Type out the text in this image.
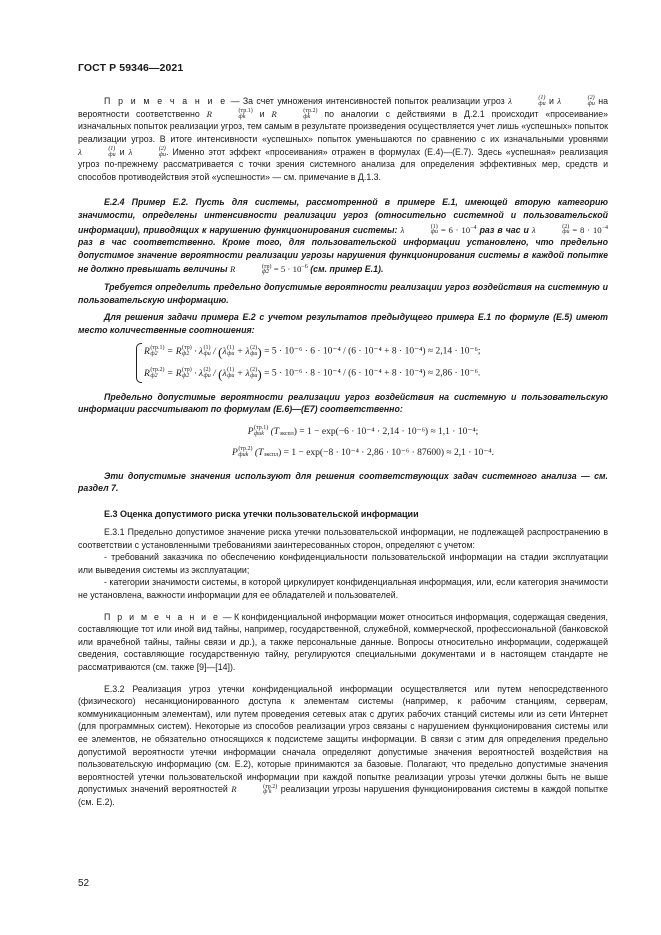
ГОСТ Р 59346—2021

П р и м е ч а н и е — За счет умножения интенсивностей попыток реализации угроз λ	(1)
фи и λ	(2)
фи на вероятности соответственно R	(тр.1)
фk и R	(тр.2)
фk по аналогии с действиями в Д.2.1 происходит «просеивание» изначальных попыток реализации угроз, тем самым в результате произведения осуществляется учет лишь «успешных» попыток реализации угроз. В итоге интенсивности «успешных» попыток уменьшаются по сравнению с их изначальными уровнями λ	(1)
фи и λ	(2)
фи . Именно этот эффект «просеивания» отражен в формулах (Е.4)—(Е.7). Здесь «успешная» реализация угроз по-прежнему рассматривается с точки зрения системного анализа для определения эффективных мер, средств и способов противодействия этой «успешности» — см. примечание в Д.1.3.

Е.2.4 Пример Е.2. Пусть для системы, рассмотренной в примере Е.1, имеющей вторую категорию значимости, определены интенсивности реализации угроз (относительно системной и пользовательской информации), приводящих к нарушению функционирования системы: λ	(1)
фи = $6 \cdot 10^{-4}$ раз в час и λ	(2)
фи = $8 \cdot 10^{-4}$ раз в час соответственно. Кроме того, для пользовательской информации установлено, что предельно допустимое значение вероятности реализации угрозы нарушения функционирования системы в каждой попытке не должно превышать величины R	(тр)
$ф2 = 5 \cdot 10^{-6}$ (см. пример Е.1).

Требуется определить предельно допустимые вероятности реализации угроз воздействия на системную и пользовательскую информацию.

Для решения задачи примера Е.2 с учетом результатов предыдущего примера Е.1 по формуле (Е.5) имеют место количественные соотношения:

R (тр.1)
ф2 = R (тр)
ф2 · λ (1)
фи / (λ (1)
фи + λ (2)
фи ) = 5 · 10⁻⁶ · 6 · 10⁻⁴ / (6 · 10⁻⁴ + 8 · 10⁻⁴) ≈ 2,14 · 10⁻⁶;
R (тр.2)
ф2 = R (тр)
ф2 · λ (2)
фи / (λ (1)
фи + λ (2)
фи ) = 5 · 10⁻⁶ · 8 · 10⁻⁴ / (6 · 10⁻⁴ + 8 · 10⁻⁴) ≈ 2,86 · 10⁻⁶.

Предельно допустимые вероятности реализации угроз воздействия на системную и пользовательскую информации рассчитывают по формулам (Е.6)—(Е7) соответственно:

P (тр.1)
фиk (T
экспл ) = 1 − exp(−6 · 10⁻⁴ · 2,14 · 10⁻⁶) ≈ 1,1 · 10⁻⁴;
P (тр.2)
фиk (T
экспл ) = 1 − exp(−8 · 10⁻⁴ · 2,86 · 10⁻⁶ · 87600) ≈ 2,1 · 10⁻⁴.

Эти допустимые значения используют для решения соответствующих задач системного анализа — см. раздел 7.

Е.3 Оценка допустимого риска утечки пользовательской информации

Е.3.1 Предельно допустимое значение риска утечки пользовательской информации, не подлежащей распространению в соответствии с установленными требованиями заинтересованных сторон, определяют с учетом:

- требований заказчика по обеспечению конфиденциальности пользовательской информации на стадии эксплуатации или выведения системы из эксплуатации;

- категории значимости системы, в которой циркулирует конфиденциальная информация, или, если категория значимости не установлена, важности информации для ее обладателей и пользователей.

П р и м е ч а н и е — К конфиденциальной информации может относиться информация, содержащая сведения, составляющие тот или иной вид тайны, например, государственной, служебной, коммерческой, профессиональной (банковской или врачебной тайны, тайны связи и др.), а также персональные данные. Вопросы относительно информации, содержащей сведения, составляющие государственную тайну, регулируются специальными документами и в настоящем стандарте не рассматриваются (см. также [9]—[14]).

Е.3.2 Реализация угроз утечки конфиденциальной информации осуществляется или путем непосредственного (физического) несанкционированного доступа к элементам системы (например, к рабочим станциям, серверам, коммуникационным элементам), или путем проведения сетевых атак с других рабочих станций системы или из сети Интернет (для программных систем). Некоторые из способов реализации угроз связаны с нарушением функционирования системы или ее элементов, не обязательно относящихся к подсистеме защиты информации. В связи с этим для определения предельно допустимой вероятности утечки информации сначала определяют допустимые значения вероятностей воздействия на пользовательскую информацию (см. Е.2), которые принимаются за базовые. Полагают, что предельно допустимые значения вероятностей утечки пользовательской информации при каждой попытке реализации угрозы утечки должны быть не выше допустимых значений вероятностей R	(тр.2)
ф k	реализации угрозы нарушения функционирования системы в каждой попытке (см. Е.2).

52
